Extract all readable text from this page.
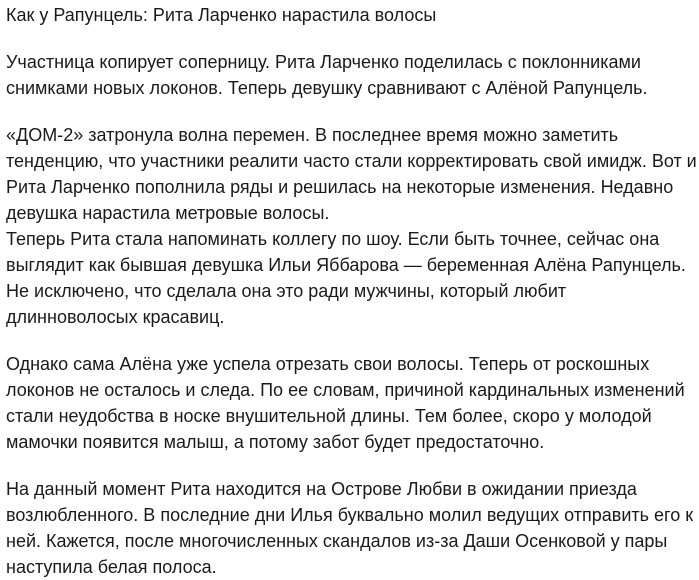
Как у Рапунцель: Рита Ларченко нарастила волосы

Участница копирует соперницу. Рита Ларченко поделилась с поклонниками
снимками новых локонов. Теперь девушку сравнивают с Алёной Рапунцель.

«ДОМ-2» затронула волна перемен. В последнее время можно заметить
тенденцию, что участники реалити часто стали корректировать свой имидж. Вот и
Рита Ларченко пополнила ряды и решилась на некоторые изменения. Недавно
девушка нарастила метровые волосы.
Теперь Рита стала напоминать коллегу по шоу. Если быть точнее, сейчас она
выглядит как бывшая девушка Ильи Яббарова — беременная Алёна Рапунцель.
Не исключено, что сделала она это ради мужчины, который любит
длинноволосых красавиц.

Однако сама Алёна уже успела отрезать свои волосы. Теперь от роскошных
локонов не осталось и следа. По ее словам, причиной кардинальных изменений
стали неудобства в носке внушительной длины. Тем более, скоро у молодой
мамочки появится малыш, а потому забот будет предостаточно.

На данный момент Рита находится на Острове Любви в ожидании приезда
возлюбленного. В последние дни Илья буквально молил ведущих отправить его к
ней. Кажется, после многочисленных скандалов из-за Даши Осенковой у пары
наступила белая полоса.
